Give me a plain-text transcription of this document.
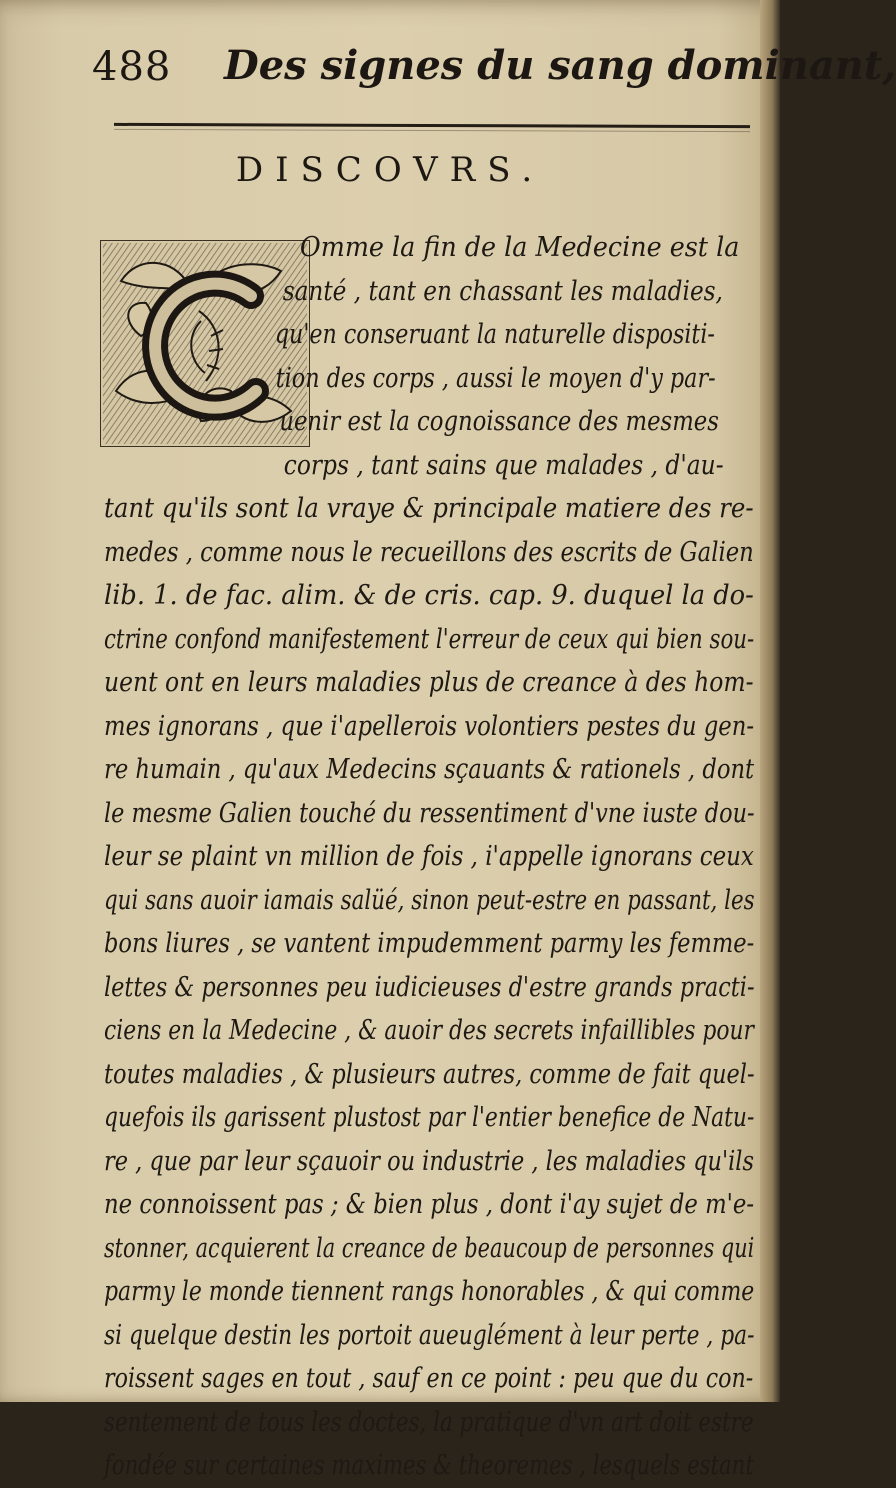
488 Des signes du sang dominant,
DISCOVRS.
Omme la fin de la Medecine est la
santé , tant en chassant les maladies,
qu'en conseruant la naturelle dispositi-
tion des corps , aussi le moyen d'y par-
uenir est la cognoissance des mesmes
corps , tant sains que malades , d'au-
tant qu'ils sont la vraye & principale matiere des re-
medes , comme nous le recueillons des escrits de Galien
lib. 1. de fac. alim. & de cris. cap. 9. duquel la do-
ctrine confond manifestement l'erreur de ceux qui bien sou-
uent ont en leurs maladies plus de creance à des hom-
mes ignorans , que i'apellerois volontiers pestes du gen-
re humain , qu'aux Medecins sçauants & rationels , dont
le mesme Galien touché du ressentiment d'vne iuste dou-
leur se plaint vn million de fois , i'appelle ignorans ceux
qui sans auoir iamais salüé, sinon peut-estre en passant, les
bons liures , se vantent impudemment parmy les femme-
lettes & personnes peu iudicieuses d'estre grands practi-
ciens en la Medecine , & auoir des secrets infaillibles pour
toutes maladies , & plusieurs autres, comme de fait quel-
quefois ils garissent plustost par l'entier benefice de Natu-
re , que par leur sçauoir ou industrie , les maladies qu'ils
ne connoissent pas ; & bien plus , dont i'ay sujet de m'e-
stonner, acquierent la creance de beaucoup de personnes qui
parmy le monde tiennent rangs honorables , & qui comme
si quelque destin les portoit aueuglément à leur perte , pa-
roissent sages en tout , sauf en ce point : peu que du con-
sentement de tous les doctes, la pratique d'vn art doit estre
fondée sur certaines maximes & theoremes , lesquels estant
